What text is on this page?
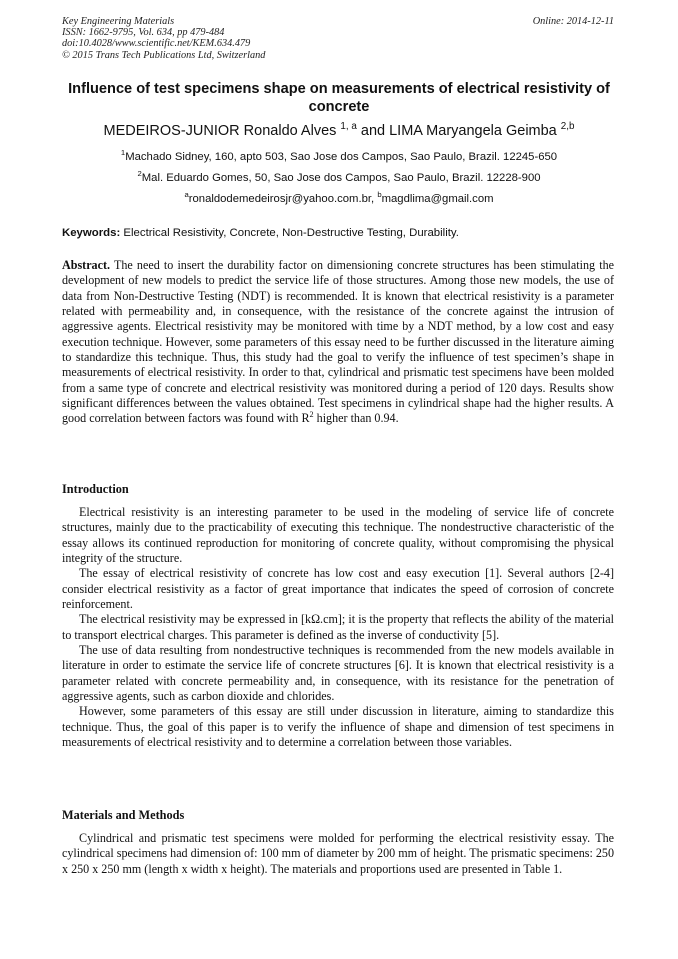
Key Engineering Materials
ISSN: 1662-9795, Vol. 634, pp 479-484
doi:10.4028/www.scientific.net/KEM.634.479
© 2015 Trans Tech Publications Ltd, Switzerland
Online: 2014-12-11
Influence of test specimens shape on measurements of electrical resistivity of concrete
MEDEIROS-JUNIOR Ronaldo Alves $^{1, a}$ and LIMA Maryangela Geimba $^{2,b}$
$^1$Machado Sidney, 160, apto 503, Sao Jose dos Campos, Sao Paulo, Brazil. 12245-650
$^2$Mal. Eduardo Gomes, 50, Sao Jose dos Campos, Sao Paulo, Brazil. 12228-900
$^a$ronaldodemedeirosjr@yahoo.com.br, $^b$magdlima@gmail.com
Keywords: Electrical Resistivity, Concrete, Non-Destructive Testing, Durability.

Abstract. The need to insert the durability factor on dimensioning concrete structures has been stimulating the development of new models to predict the service life of those structures. Among those new models, the use of data from Non-Destructive Testing (NDT) is recommended. It is known that electrical resistivity is a parameter related with permeability and, in consequence, with the resistance of the concrete against the intrusion of aggressive agents. Electrical resistivity may be monitored with time by a NDT method, by a low cost and easy execution technique. However, some parameters of this essay need to be further discussed in the literature aiming to standardize this technique. Thus, this study had the goal to verify the influence of test specimen’s shape in measurements of electrical resistivity. In order to that, cylindrical and prismatic test specimens have been molded from a same type of concrete and electrical resistivity was monitored during a period of 120 days. Results show significant differences between the values obtained. Test specimens in cylindrical shape had the higher results. A good correlation between factors was found with $R^2$ higher than 0.94.

Introduction

Electrical resistivity is an interesting parameter to be used in the modeling of service life of concrete structures, mainly due to the practicability of executing this technique. The nondestructive characteristic of the essay allows its continued reproduction for monitoring of concrete quality, without compromising the physical integrity of the structure.

The essay of electrical resistivity of concrete has low cost and easy execution [1]. Several authors [2-4] consider electrical resistivity as a factor of great importance that indicates the speed of corrosion of concrete reinforcement.

The electrical resistivity may be expressed in [kΩ.cm]; it is the property that reflects the ability of the material to transport electrical charges. This parameter is defined as the inverse of conductivity [5].

The use of data resulting from nondestructive techniques is recommended from the new models available in literature in order to estimate the service life of concrete structures [6]. It is known that electrical resistivity is a parameter related with concrete permeability and, in consequence, with its resistance for the penetration of aggressive agents, such as carbon dioxide and chlorides.

However, some parameters of this essay are still under discussion in literature, aiming to standardize this technique. Thus, the goal of this paper is to verify the influence of shape and dimension of test specimens in measurements of electrical resistivity and to determine a correlation between those variables.

Materials and Methods

Cylindrical and prismatic test specimens were molded for performing the electrical resistivity essay. The cylindrical specimens had dimension of: 100 mm of diameter by 200 mm of height. The prismatic specimens: 250 x 250 x 250 mm (length x width x height). The materials and proportions used are presented in Table 1.
